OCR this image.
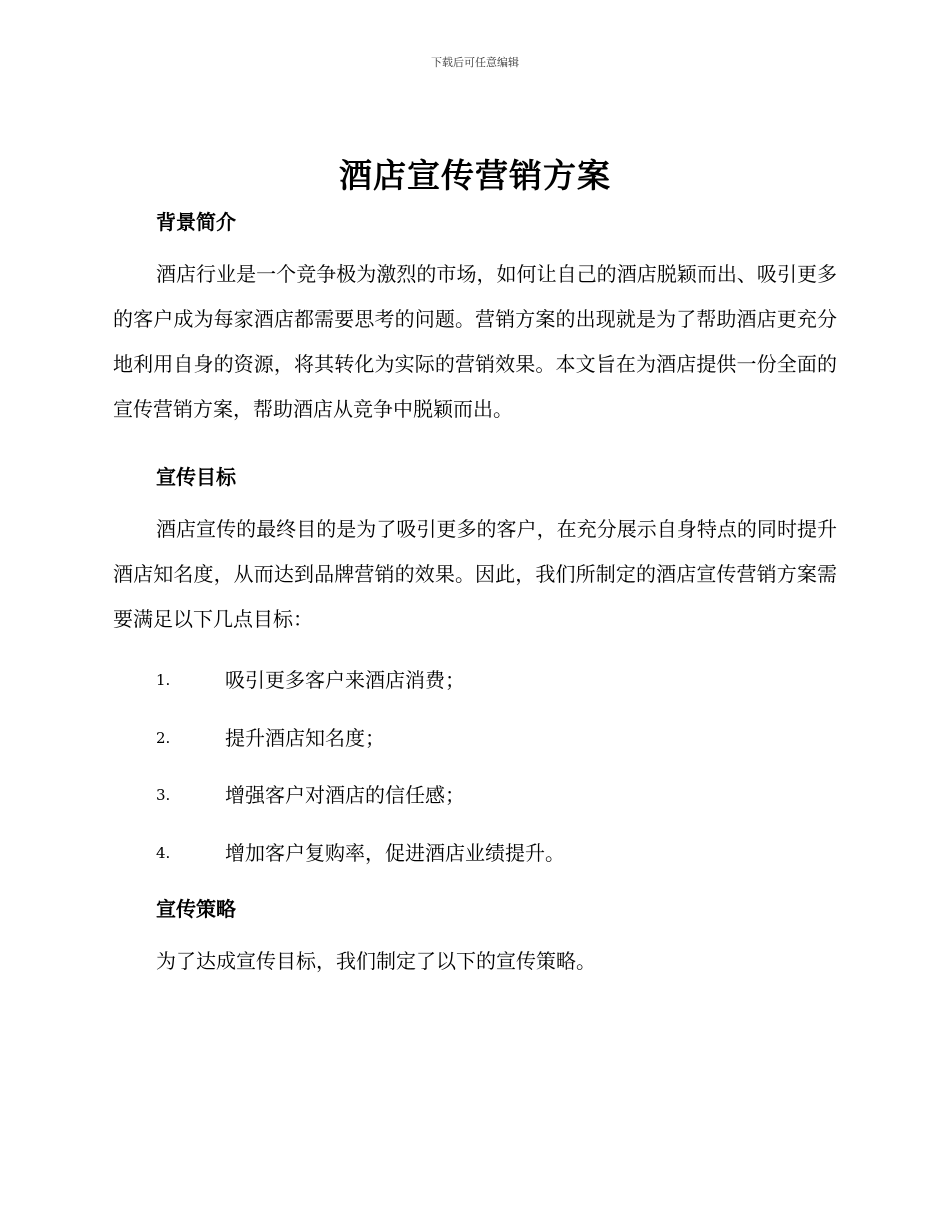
下载后可任意编辑
酒店宣传营销方案
背景简介

酒店行业是一个竞争极为激烈的市场，如何让自己的酒店脱颖而出、吸引更多的客户成为每家酒店都需要思考的问题。营销方案的出现就是为了帮助酒店更充分地利用自身的资源，将其转化为实际的营销效果。本文旨在为酒店提供一份全面的宣传营销方案，帮助酒店从竞争中脱颖而出。

宣传目标

酒店宣传的最终目的是为了吸引更多的客户，在充分展示自身特点的同时提升酒店知名度，从而达到品牌营销的效果。因此，我们所制定的酒店宣传营销方案需要满足以下几点目标：

1.	吸引更多客户来酒店消费；
2.	提升酒店知名度；
3.	增强客户对酒店的信任感；
4.	增加客户复购率，促进酒店业绩提升。
宣传策略

为了达成宣传目标，我们制定了以下的宣传策略。
